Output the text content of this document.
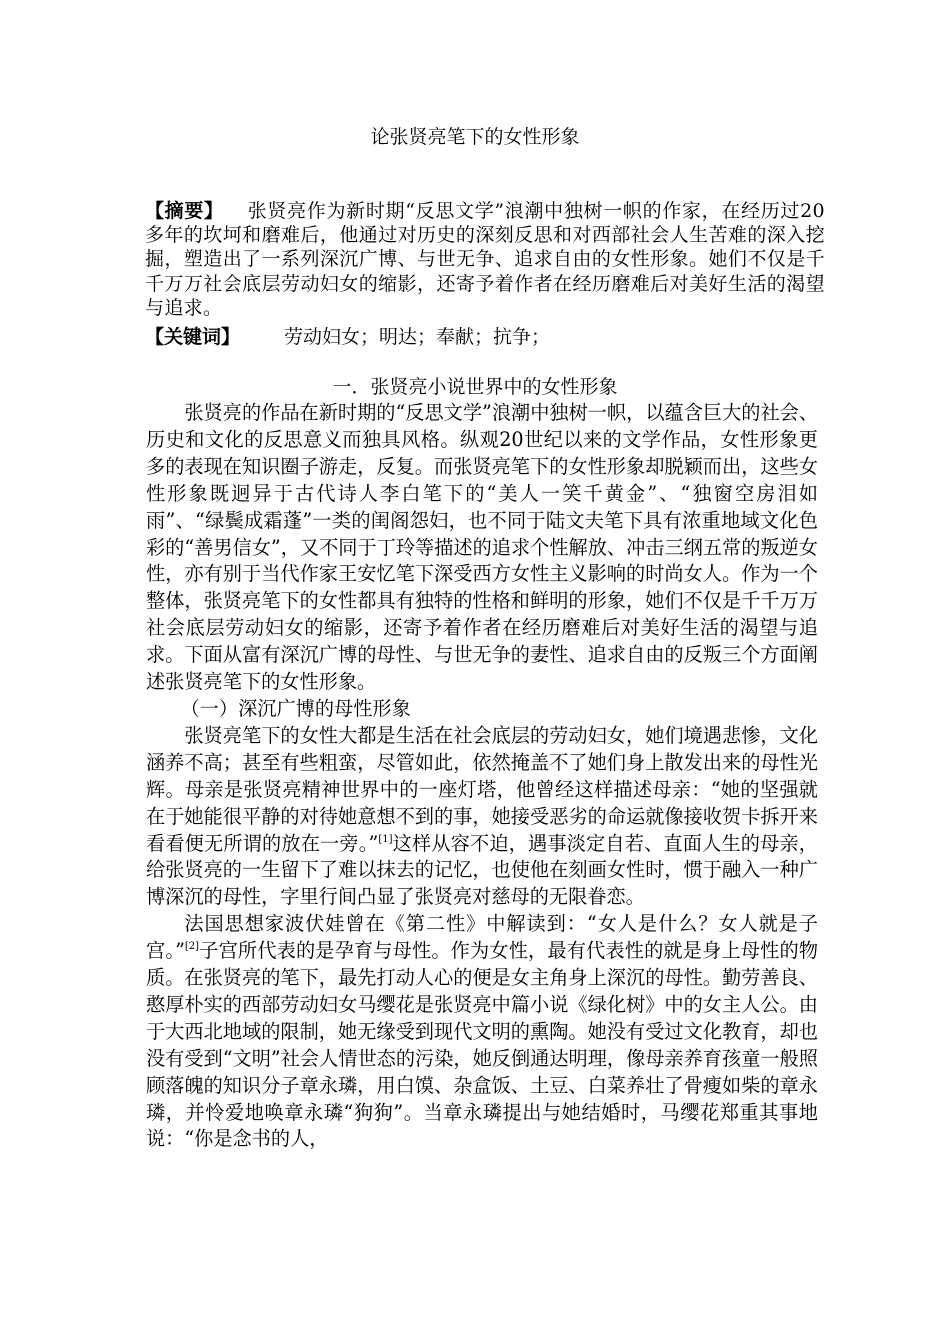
论张贤亮笔下的女性形象
【摘要】 张贤亮作为新时期“反思文学”浪潮中独树一帜的作家，在经历过20多年的坎坷和磨难后，他通过对历史的深刻反思和对西部社会人生苦难的深入挖掘，塑造出了一系列深沉广博、与世无争、追求自由的女性形象。她们不仅是千千万万社会底层劳动妇女的缩影，还寄予着作者在经历磨难后对美好生活的渴望与追求。
【关键词】 劳动妇女；明达；奉献；抗争；
一．张贤亮小说世界中的女性形象

张贤亮的作品在新时期的“反思文学”浪潮中独树一帜，以蕴含巨大的社会、历史和文化的反思意义而独具风格。纵观20世纪以来的文学作品，女性形象更多的表现在知识圈子游走，反复。而张贤亮笔下的女性形象却脱颖而出，这些女性形象既迥异于古代诗人李白笔下的“美人一笑千黄金”、“独窗空房泪如雨”、“绿鬓成霜蓬”一类的闺阁怨妇，也不同于陆文夫笔下具有浓重地域文化色彩的“善男信女”，又不同于丁玲等描述的追求个性解放、冲击三纲五常的叛逆女性，亦有别于当代作家王安忆笔下深受西方女性主义影响的时尚女人。作为一个整体，张贤亮笔下的女性都具有独特的性格和鲜明的形象，她们不仅是千千万万社会底层劳动妇女的缩影，还寄予着作者在经历磨难后对美好生活的渴望与追求。下面从富有深沉广博的母性、与世无争的妻性、追求自由的反叛三个方面阐述张贤亮笔下的女性形象。

（一）深沉广博的母性形象

张贤亮笔下的女性大都是生活在社会底层的劳动妇女，她们境遇悲惨，文化涵养不高；甚至有些粗蛮，尽管如此，依然掩盖不了她们身上散发出来的母性光辉。母亲是张贤亮精神世界中的一座灯塔，他曾经这样描述母亲：“她的坚强就在于她能很平静的对待她意想不到的事，她接受恶劣的命运就像接收贺卡拆开来看看便无所谓的放在一旁。”[1]这样从容不迫，遇事淡定自若、直面人生的母亲，给张贤亮的一生留下了难以抹去的记忆，也使他在刻画女性时，惯于融入一种广博深沉的母性，字里行间凸显了张贤亮对慈母的无限眷恋。

法国思想家波伏娃曾在《第二性》中解读到：“女人是什么？女人就是子宫。”[2]子宫所代表的是孕育与母性。作为女性，最有代表性的就是身上母性的物质。在张贤亮的笔下，最先打动人心的便是女主角身上深沉的母性。勤劳善良、憨厚朴实的西部劳动妇女马缨花是张贤亮中篇小说《绿化树》中的女主人公。由于大西北地域的限制，她无缘受到现代文明的熏陶。她没有受过文化教育，却也没有受到“文明”社会人情世态的污染，她反倒通达明理，像母亲养育孩童一般照顾落魄的知识分子章永璘，用白馍、杂盒饭、土豆、白菜养壮了骨瘦如柴的章永璘，并怜爱地唤章永璘“狗狗”。当章永璘提出与她结婚时，马缨花郑重其事地说：“你是念书的人，
